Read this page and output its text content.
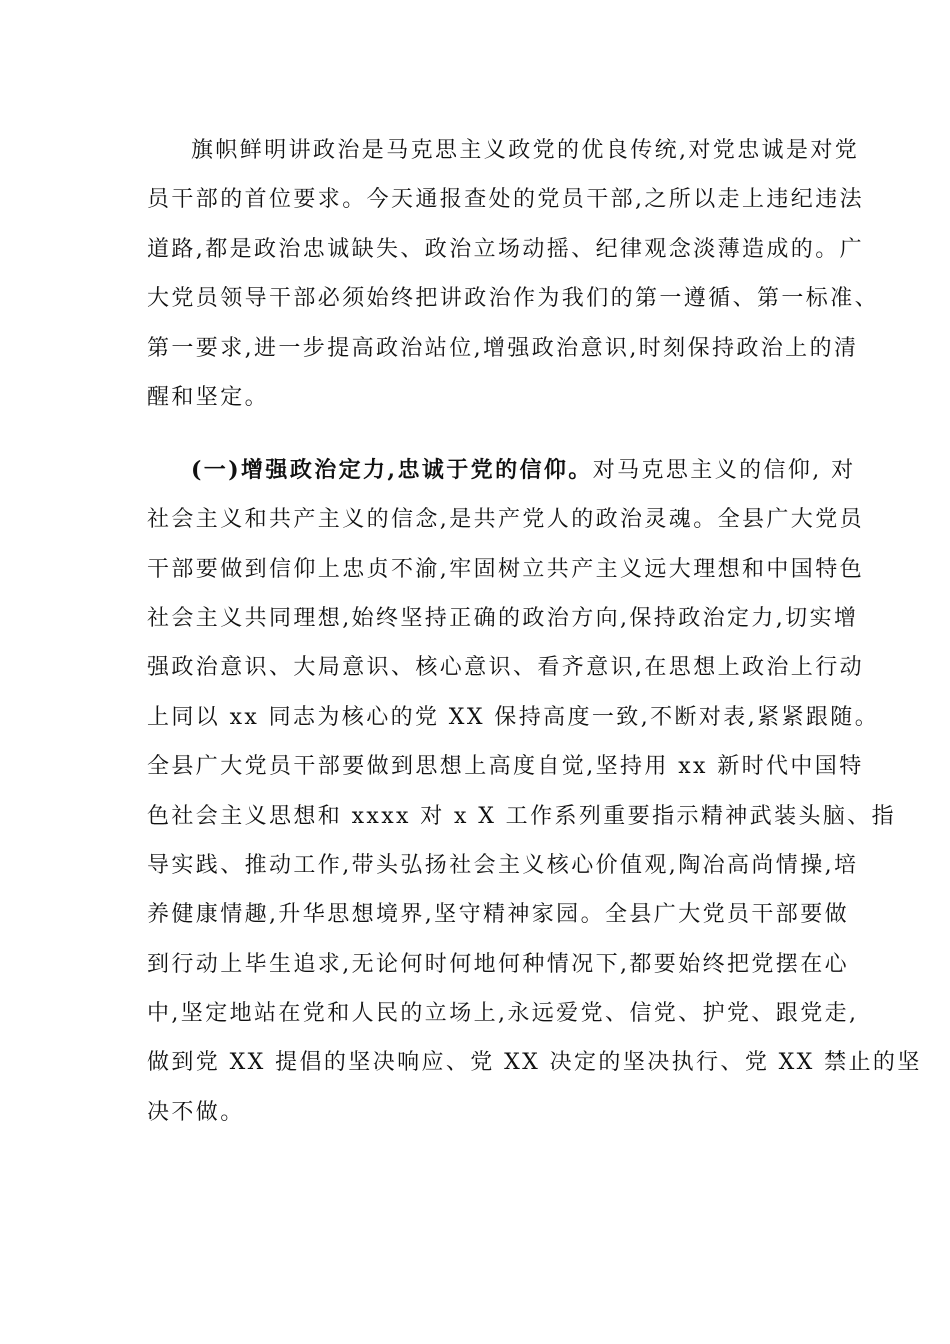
旗帜鲜明讲政治是马克思主义政党的优良传统,对党忠诚是对党
员干部的首位要求。今天通报查处的党员干部,之所以走上违纪违法
道路,都是政治忠诚缺失、政治立场动摇、纪律观念淡薄造成的。广
大党员领导干部必须始终把讲政治作为我们的第一遵循、第一标准、
第一要求,进一步提高政治站位,增强政治意识,时刻保持政治上的清
醒和坚定。
(一)增强政治定力,忠诚于党的信仰。对马克思主义的信仰, 对
社会主义和共产主义的信念,是共产党人的政治灵魂。全县广大党员
干部要做到信仰上忠贞不渝,牢固树立共产主义远大理想和中国特色
社会主义共同理想,始终坚持正确的政治方向,保持政治定力,切实增
强政治意识、大局意识、核心意识、看齐意识,在思想上政治上行动
上同以 xx 同志为核心的党 XX 保持高度一致,不断对表,紧紧跟随。
全县广大党员干部要做到思想上高度自觉,坚持用 xx 新时代中国特
色社会主义思想和 xxxx 对 x X 工作系列重要指示精神武装头脑、指
导实践、推动工作,带头弘扬社会主义核心价值观,陶冶高尚情操,培
养健康情趣,升华思想境界,坚守精神家园。全县广大党员干部要做
到行动上毕生追求,无论何时何地何种情况下,都要始终把党摆在心
中,坚定地站在党和人民的立场上,永远爱党、信党、护党、跟党走,
做到党 XX 提倡的坚决响应、党 XX 决定的坚决执行、党 XX 禁止的坚
决不做。
